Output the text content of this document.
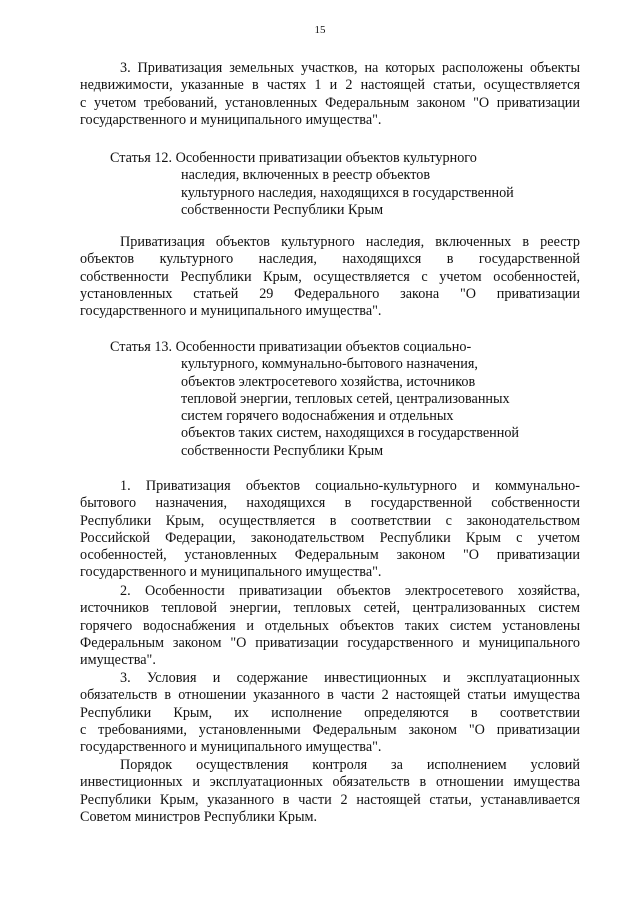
15
3. Приватизация земельных участков, на которых расположены объекты
недвижимости, указанные в частях 1 и 2 настоящей статьи, осуществляется
с учетом требований, установленных Федеральным законом "О приватизации
государственного и муниципального имущества".
Статья 12. Особенности приватизации объектов культурного
наследия, включенных в реестр объектов
культурного наследия, находящихся в государственной
собственности Республики Крым
Приватизация объектов культурного наследия, включенных в реестр
объектов культурного наследия, находящихся в государственной
собственности Республики Крым, осуществляется с учетом особенностей,
установленных статьей 29 Федерального закона "О приватизации
государственного и муниципального имущества".
Статья 13. Особенности приватизации объектов социально-
культурного, коммунально-бытового назначения,
объектов электросетевого хозяйства, источников
тепловой энергии, тепловых сетей, централизованных
систем горячего водоснабжения и отдельных
объектов таких систем, находящихся в государственной
собственности Республики Крым
1. Приватизация объектов социально-культурного и коммунально-
бытового назначения, находящихся в государственной собственности
Республики Крым, осуществляется в соответствии с законодательством
Российской Федерации, законодательством Республики Крым с учетом
особенностей, установленных Федеральным законом "О приватизации
государственного и муниципального имущества".
2. Особенности приватизации объектов электросетевого хозяйства,
источников тепловой энергии, тепловых сетей, централизованных систем
горячего водоснабжения и отдельных объектов таких систем установлены
Федеральным законом "О приватизации государственного и муниципального
имущества".
3. Условия и содержание инвестиционных и эксплуатационных
обязательств в отношении указанного в части 2 настоящей статьи имущества
Республики Крым, их исполнение определяются в соответствии
с требованиями, установленными Федеральным законом "О приватизации
государственного и муниципального имущества".
Порядок осуществления контроля за исполнением условий
инвестиционных и эксплуатационных обязательств в отношении имущества
Республики Крым, указанного в части 2 настоящей статьи, устанавливается
Советом министров Республики Крым.
